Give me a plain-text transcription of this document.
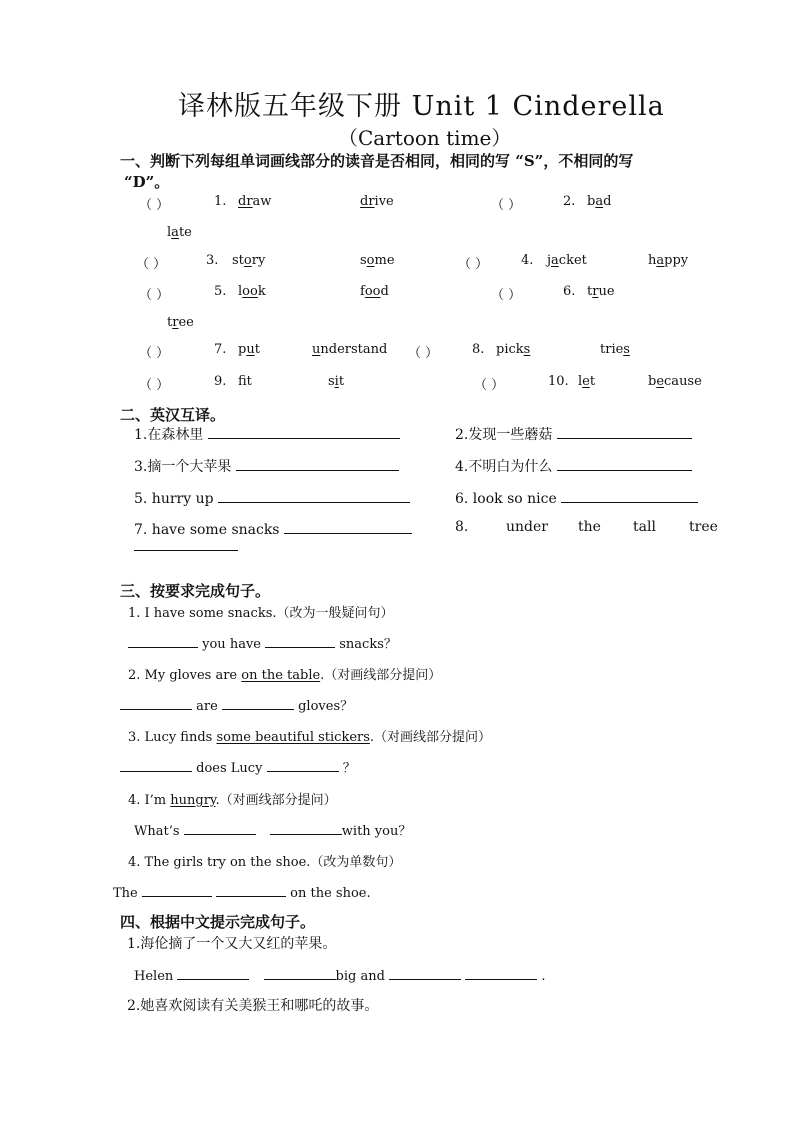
译林版五年级下册 Unit 1 Cinderella
（Cartoon time）
一、判断下列每组单词画线部分的读音是否相同，相同的写 “S”，不相同的写
“D”。
（ ）	1. draw	drive	（ ）	2. bad
late
（ ）	3. story	some	（ ）	4. jacket	happy
（ ）	5. look	food	（ ）	6. true
tree
（ ）	7. put	understand （ ）	8. picks	tries
（ ）	9. ft	sit	（ ）	10. let	because
二、英汉互译。
1.在森林里	2.发现一些蘑菇
3.摘一个大苹果	4.不明白为什么
5. hurry up	6. look so nice
7. have some snacks	8.	under the tall tree
三、按要求完成句子。
1. I have some snacks.（改为一般疑问句）
you have	snacks？
2. My gloves are on the table.（对画线部分提问）
are	gloves？
3. Lucy finds some beautiful stickers.（对画线部分提问）
does Lucy	？
4. I’m hungry.（对画线部分提问）
What’s	with you？
4. The girls try on the shoe.（改为单数句）
The	on the shoe.
四、根据中文提示完成句子。
1.海伦摘了一个又大又红的苹果。
Helen	big and	.
2.她喜欢阅读有关美猴王和哪吒的故事。
